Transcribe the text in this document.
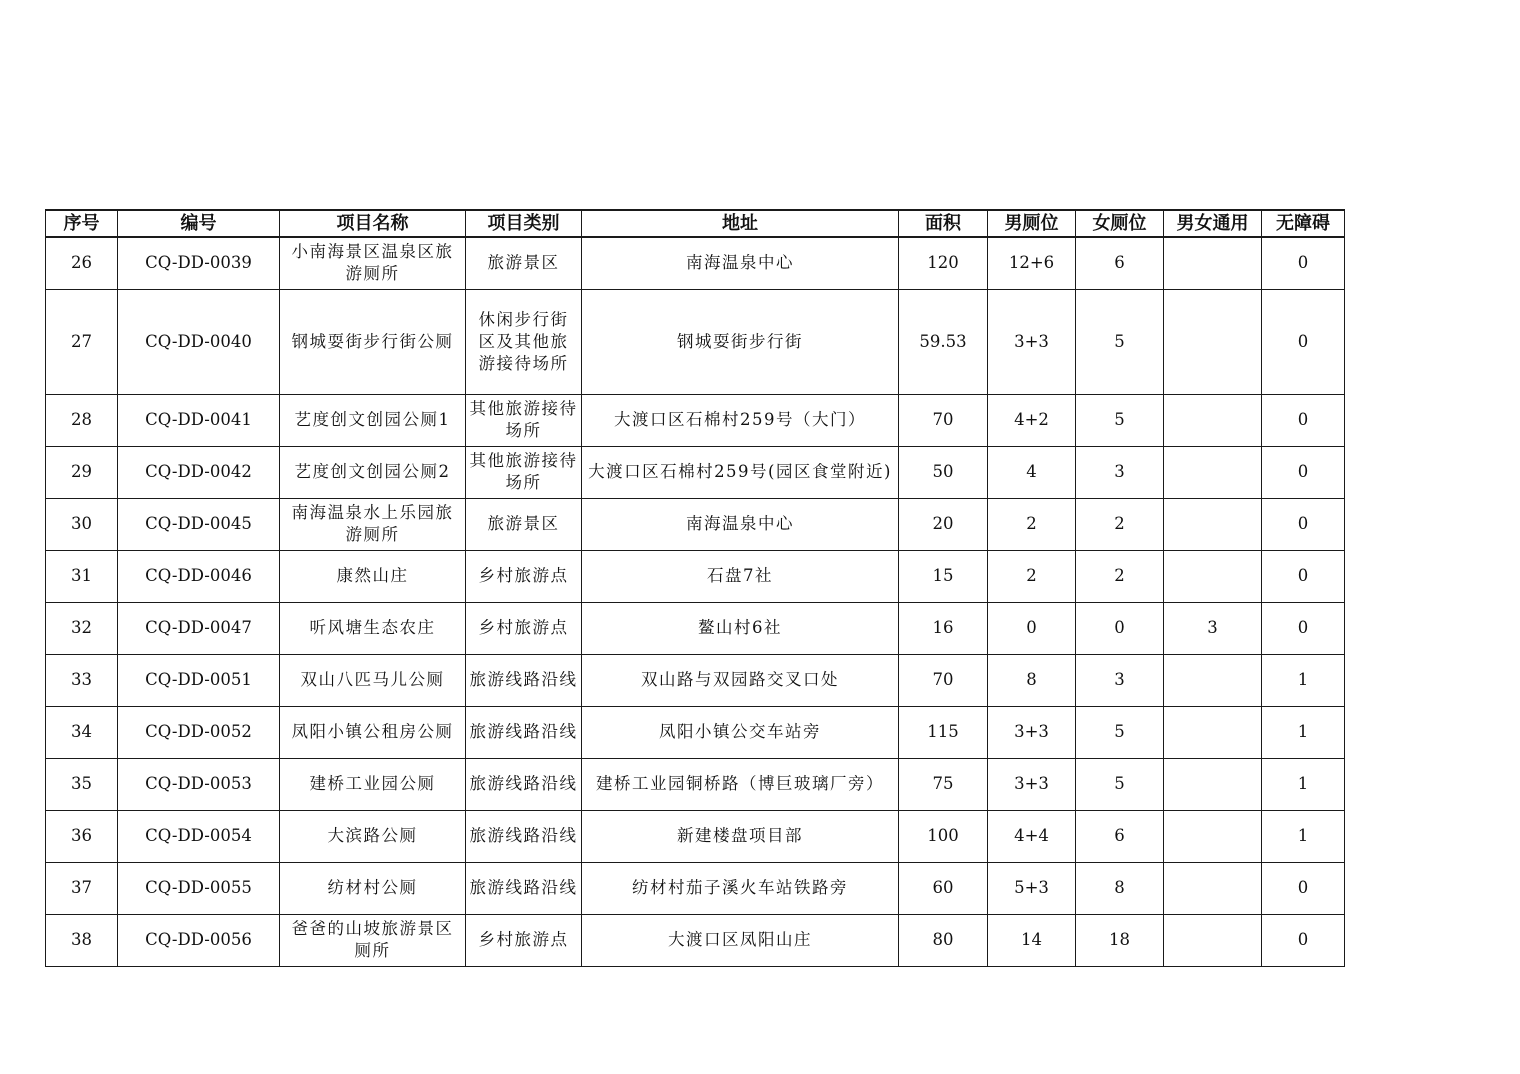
序号	编号	项目名称	项目类别	地址	面积	男厕位	女厕位	男女通用	无障碍
26	CQ-DD-0039	小南海景区温泉区旅游厕所	旅游景区	南海温泉中心	120	12+6	6		0
27	CQ-DD-0040	钢城耍街步行街公厕	休闲步行街区及其他旅游接待场所	钢城耍街步行街	59.53	3+3	5		0
28	CQ-DD-0041	艺度创文创园公厕1	其他旅游接待场所	大渡口区石棉村259号（大门）	70	4+2	5		0
29	CQ-DD-0042	艺度创文创园公厕2	其他旅游接待场所	大渡口区石棉村259号(园区食堂附近)	50	4	3		0
30	CQ-DD-0045	南海温泉水上乐园旅游厕所	旅游景区	南海温泉中心	20	2	2		0
31	CQ-DD-0046	康然山庄	乡村旅游点	石盘7社	15	2	2		0
32	CQ-DD-0047	听风塘生态农庄	乡村旅游点	鳌山村6社	16	0	0	3	0
33	CQ-DD-0051	双山八匹马儿公厕	旅游线路沿线	双山路与双园路交叉口处	70	8	3		1
34	CQ-DD-0052	凤阳小镇公租房公厕	旅游线路沿线	凤阳小镇公交车站旁	115	3+3	5		1
35	CQ-DD-0053	建桥工业园公厕	旅游线路沿线	建桥工业园铜桥路（博巨玻璃厂旁）	75	3+3	5		1
36	CQ-DD-0054	大滨路公厕	旅游线路沿线	新建楼盘项目部	100	4+4	6		1
37	CQ-DD-0055	纺材村公厕	旅游线路沿线	纺材村茄子溪火车站铁路旁	60	5+3	8		0
38	CQ-DD-0056	爸爸的山坡旅游景区厕所	乡村旅游点	大渡口区凤阳山庄	80	14	18		0
